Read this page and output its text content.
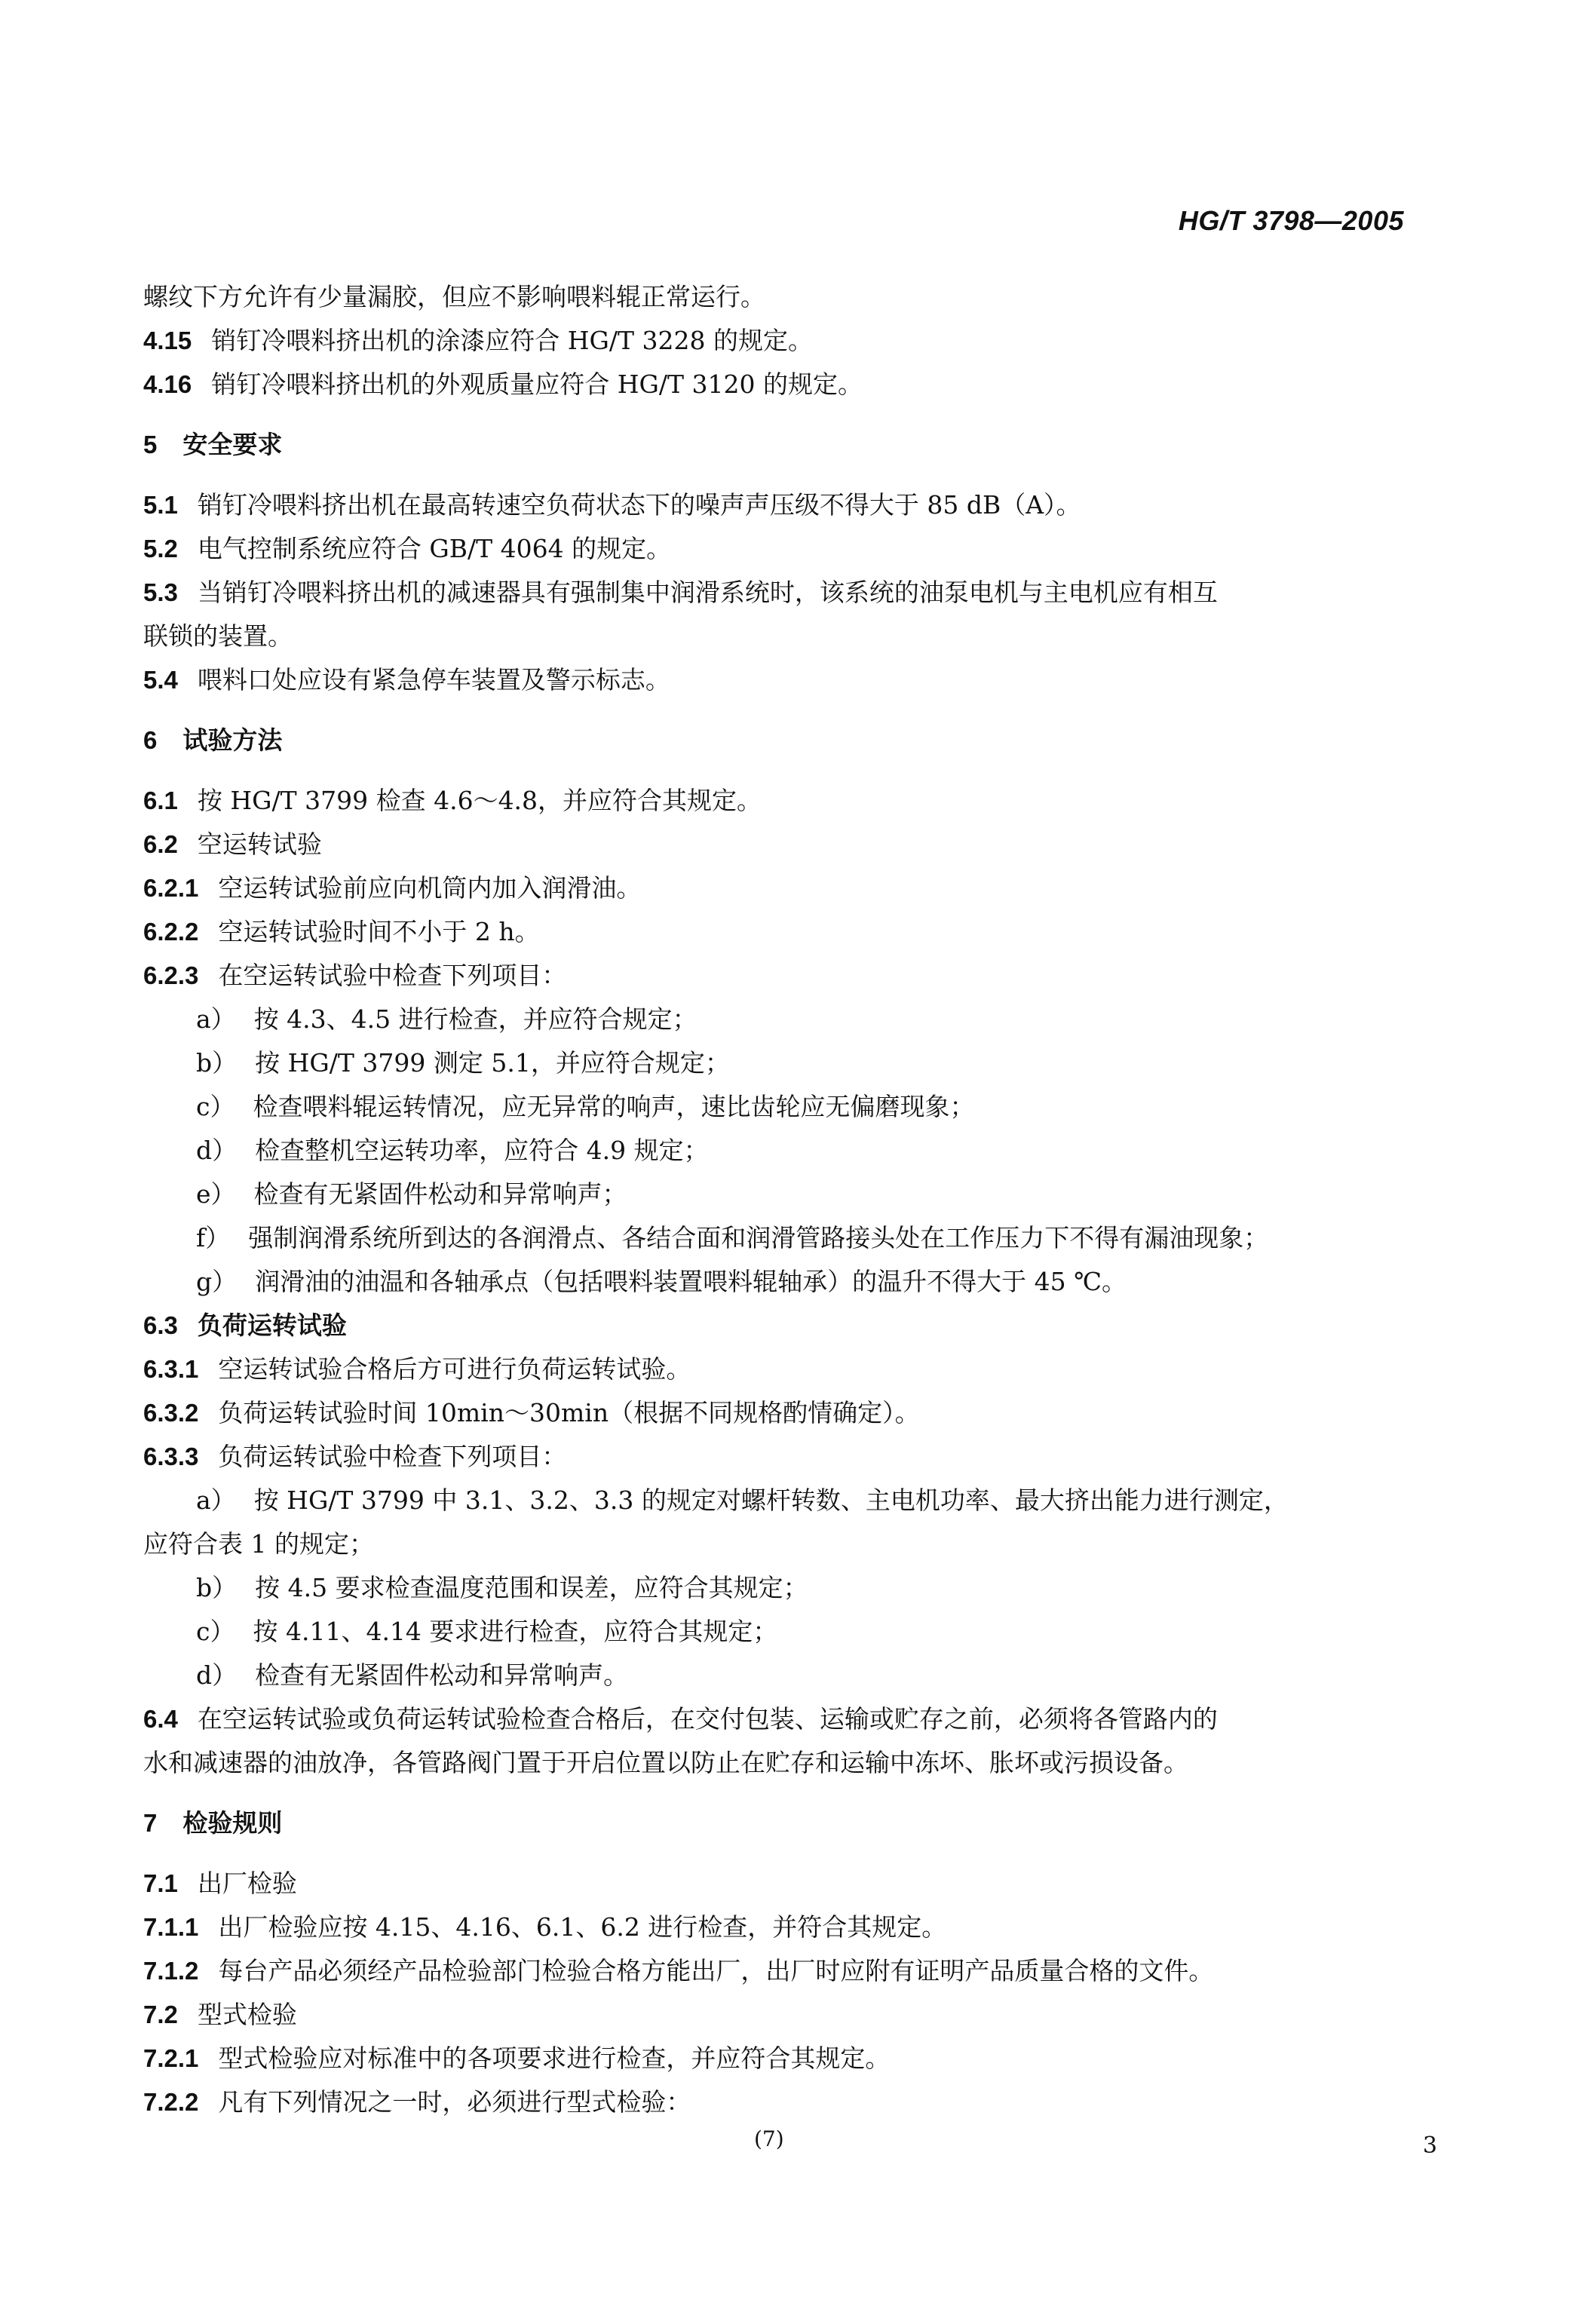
HG/T 3798—2005
螺纹下方允许有少量漏胶，但应不影响喂料辊正常运行。
4.15 销钉冷喂料挤出机的涂漆应符合 HG/T 3228 的规定。
4.16 销钉冷喂料挤出机的外观质量应符合 HG/T 3120 的规定。
5 安全要求
5.1 销钉冷喂料挤出机在最高转速空负荷状态下的噪声声压级不得大于 85 dB（A）。
5.2 电气控制系统应符合 GB/T 4064 的规定。
5.3 当销钉冷喂料挤出机的减速器具有强制集中润滑系统时，该系统的油泵电机与主电机应有相互
联锁的装置。
5.4 喂料口处应设有紧急停车装置及警示标志。
6 试验方法
6.1 按 HG/T 3799 检查 4.6～4.8，并应符合其规定。
6.2 空运转试验
6.2.1 空运转试验前应向机筒内加入润滑油。
6.2.2 空运转试验时间不小于 2 h。
6.2.3 在空运转试验中检查下列项目：
a） 按 4.3、4.5 进行检查，并应符合规定；
b） 按 HG/T 3799 测定 5.1，并应符合规定；
c） 检查喂料辊运转情况，应无异常的响声，速比齿轮应无偏磨现象；
d） 检查整机空运转功率，应符合 4.9 规定；
e） 检查有无紧固件松动和异常响声；
f） 强制润滑系统所到达的各润滑点、各结合面和润滑管路接头处在工作压力下不得有漏油现象；
g） 润滑油的油温和各轴承点（包括喂料装置喂料辊轴承）的温升不得大于 45 ℃。
6.3 负荷运转试验
6.3.1 空运转试验合格后方可进行负荷运转试验。
6.3.2 负荷运转试验时间 10min～30min（根据不同规格酌情确定）。
6.3.3 负荷运转试验中检查下列项目：
a） 按 HG/T 3799 中 3.1、3.2、3.3 的规定对螺杆转数、主电机功率、最大挤出能力进行测定，
应符合表 1 的规定；
b） 按 4.5 要求检查温度范围和误差，应符合其规定；
c） 按 4.11、4.14 要求进行检查，应符合其规定；
d） 检查有无紧固件松动和异常响声。
6.4 在空运转试验或负荷运转试验检查合格后，在交付包装、运输或贮存之前，必须将各管路内的
水和减速器的油放净，各管路阀门置于开启位置以防止在贮存和运输中冻坏、胀坏或污损设备。
7 检验规则
7.1 出厂检验
7.1.1 出厂检验应按 4.15、4.16、6.1、6.2 进行检查，并符合其规定。
7.1.2 每台产品必须经产品检验部门检验合格方能出厂，出厂时应附有证明产品质量合格的文件。
7.2 型式检验
7.2.1 型式检验应对标准中的各项要求进行检查，并应符合其规定。
7.2.2 凡有下列情况之一时，必须进行型式检验：
(7)	3
